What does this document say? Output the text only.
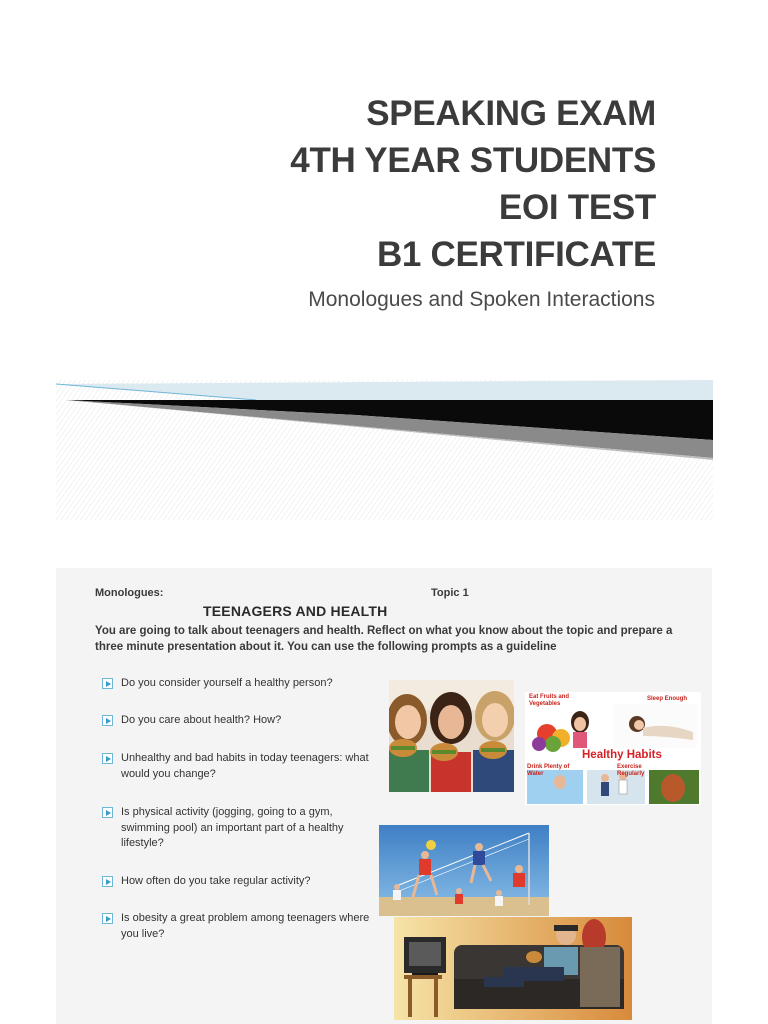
SPEAKING EXAM
4TH YEAR STUDENTS
EOI TEST
B1 CERTIFICATE
Monologues and Spoken Interactions
Monologues:	Topic 1
TEENAGERS AND HEALTH

You are going to talk about teenagers and health. Reflect on what you know about the topic and prepare a three minute presentation about it. You can use the following prompts as a guideline

Do you consider yourself a healthy person?
Do you care about health? How?
Unhealthy and bad habits in today teenagers: what would you change?
Is physical activity (jogging, going to a gym, swimming pool) an important part of a healthy lifestyle?
How often do you take regular activity?
Is obesity a great problem among teenagers where you live?
Eat Fruits and Vegetables
Sleep Enough
Healthy Habits
Drink Plenty of Water
Exercise Regularly
